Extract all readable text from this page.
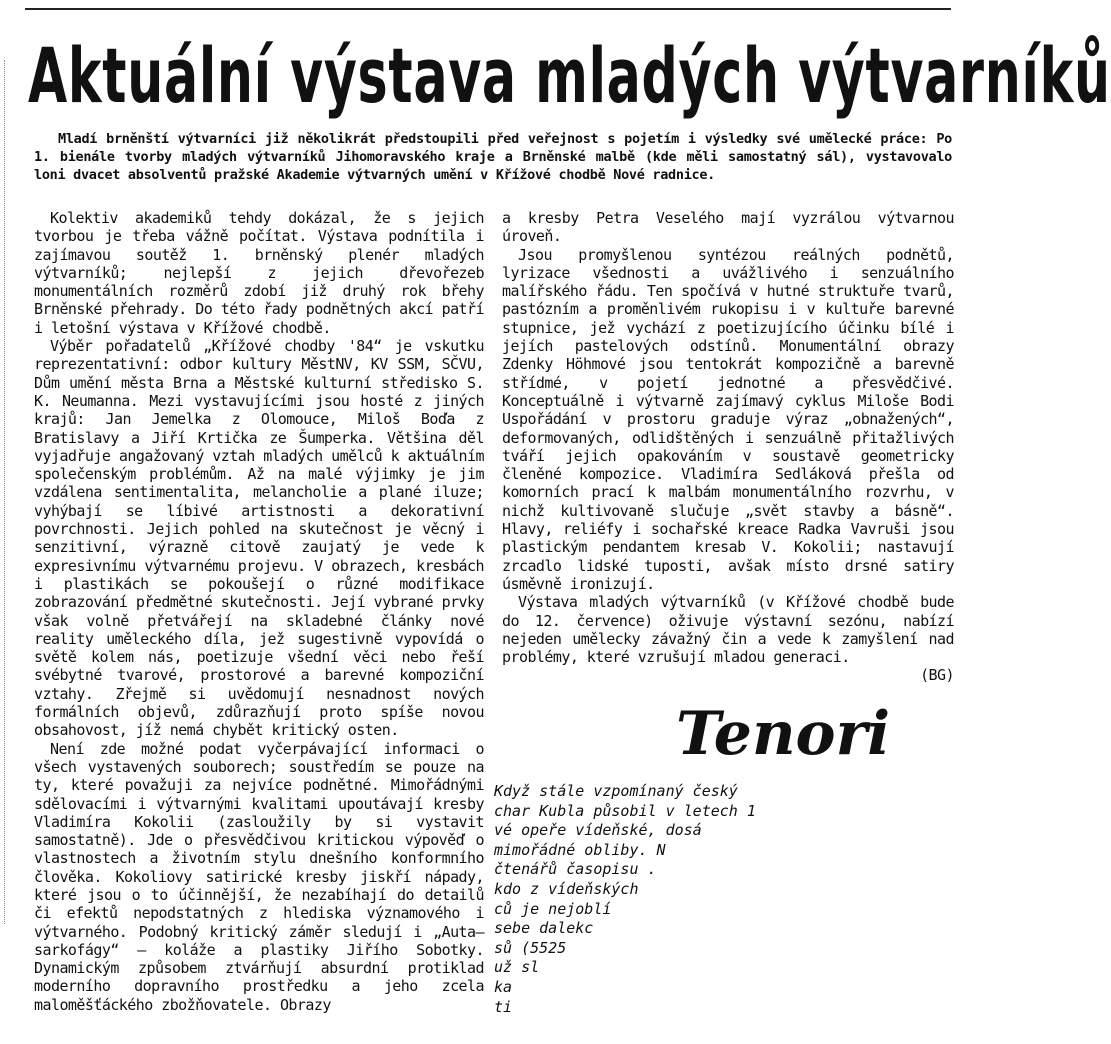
Aktuální výstava mladých výtvarníků

Mladí brněnští výtvarníci již několikrát předstoupili před veřejnost s pojetím i výsledky své umělecké práce: Po 1. bienále tvorby mladých výtvarníků Jihomoravského kraje a Brněnské malbě (kde měli samostatný sál), vystavovalo loni dvacet absolventů pražské Akademie výtvarných umění v Křížové chodbě Nové radnice.

Kolektiv akademiků tehdy dokázal, že s jejich tvorbou je třeba vážně počítat. Výstava podnítila i zajímavou soutěž 1. brněnský plenér mladých výtvarníků; nejlepší z jejich dřevořezeb monumentálních rozměrů zdobí již druhý rok břehy Brněnské přehrady. Do této řady podnětných akcí patří i letošní výstava v Křížové chodbě.

Výběr pořadatelů „Křížové chodby '84“ je vskutku reprezentativní: odbor kultury MěstNV, KV SSM, SČVU, Dům umění města Brna a Městské kulturní středisko S. K. Neumanna. Mezi vystavujícími jsou hosté z jiných krajů: Jan Jemelka z Olomouce, Miloš Boďa z Bratislavy a Jiří Krtička ze Šumperka. Většina děl vyjadřuje angažovaný vztah mladých umělců k aktuálním společenským problémům. Až na malé výjimky je jim vzdálena sentimentalita, melancholie a plané iluze; vyhýbají se líbivé artistnosti a dekorativní povrchnosti. Jejich pohled na skutečnost je věcný i senzitivní, výrazně citově zaujatý je vede k expresivnímu výtvarnému projevu. V obrazech, kresbách i plastikách se pokoušejí o různé modifikace zobrazování předmětné skutečnosti. Její vybrané prvky však volně přetvářejí na skladebné články nové reality uměleckého díla, jež sugestivně vypovídá o světě kolem nás, poetizuje všední věci nebo řeší svébytné tvarové, prostorové a barevné kompoziční vztahy. Zřejmě si uvědomují nesnadnost nových formálních objevů, zdůrazňují proto spíše novou obsahovost, jíž nemá chybět kritický osten.

Není zde možné podat vyčerpávající informaci o všech vystavených souborech; soustředím se pouze na ty, které považuji za nejvíce podnětné. Mimořádnými sdělovacími i výtvarnými kvalitami upoutávají kresby Vladimíra Kokolii (zasloužily by si vystavit samostatně). Jde o přesvědčivou kritickou výpověď o vlastnostech a životním stylu dnešního konformního člověka. Kokoliovy satirické kresby jiskří nápady, které jsou o to účinnější, že nezabíhají do detailů či efektů nepodstatných z hlediska významového i výtvarného. Podobný kritický záměr sledují i „Auta—sarkofágy“ — koláže a plastiky Jiřího Sobotky. Dynamickým způsobem ztvárňují absurdní protiklad moderního dopravního prostředku a jeho zcela maloměšťáckého zbožňovatele. Obrazy

a kresby Petra Veselého mají vyzrálou výtvarnou úroveň.

Jsou promyšlenou syntézou reálných podnětů, lyrizace všednosti a uvážlivého i senzuálního malířského řádu. Ten spočívá v hutné struktuře tvarů, pastózním a proměnlivém rukopisu i v kultuře barevné stupnice, jež vychází z poetizujícího účinku bílé i jejích pastelových odstínů. Monumentální obrazy Zdenky Höhmové jsou tentokrát kompozičně a barevně střídmé, v pojetí jednotné a přesvědčivé. Konceptuálně i výtvarně zajímavý cyklus Miloše Bodi Uspořádání v prostoru graduje výraz „obnažených“, deformovaných, odlidštěných i senzuálně přitažlivých tváří jejich opakováním v soustavě geometricky členěné kompozice. Vladimíra Sedláková přešla od komorních prací k malbám monumentálního rozvrhu, v nichž kultivovaně slučuje „svět stavby a básně“. Hlavy, reliéfy i sochařské kreace Radka Vavruši jsou plastickým pendantem kresab V. Kokolii; nastavují zrcadlo lidské tuposti, avšak místo drsné satiry úsměvně ironizují.

Výstava mladých výtvarníků (v Křížové chodbě bude do 12. července) oživuje výstavní sezónu, nabízí nejeden umělecky závažný čin a vede k zamyšlení nad problémy, které vzrušují mladou generaci.

(BG)

Tenori
Když stále vzpomínaný český
char Kubla působil v letech 1
vé opeře vídeňské, dosá
mimořádné obliby. N
čtenářů časopisu .
kdo z vídeňských
ců je nejoblí
sebe dalekc
sů (5525
už sl
ka
ti
